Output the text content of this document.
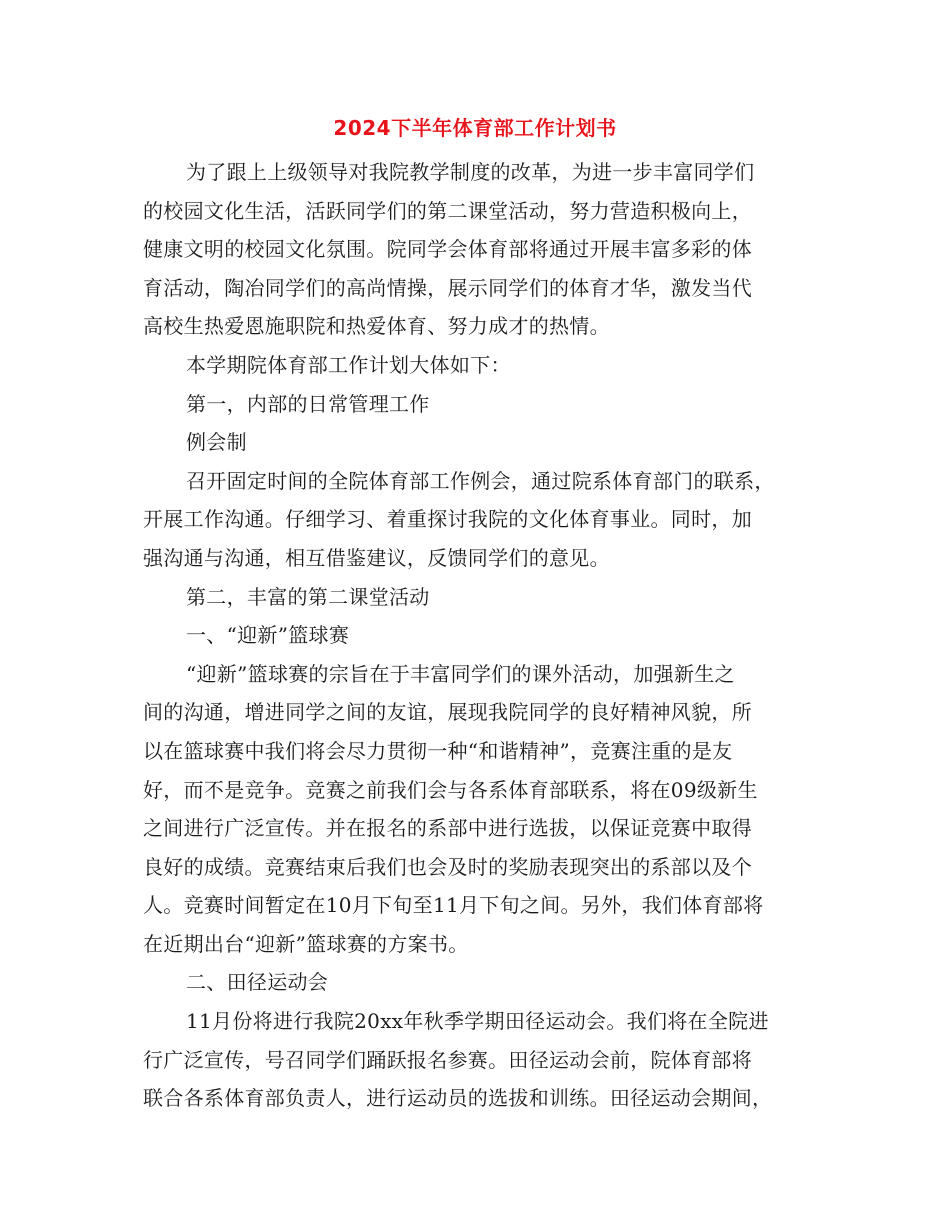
2024下半年体育部工作计划书
为了跟上上级领导对我院教学制度的改革，为进一步丰富同学们
的校园文化生活，活跃同学们的第二课堂活动，努力营造积极向上，
健康文明的校园文化氛围。院同学会体育部将通过开展丰富多彩的体
育活动，陶冶同学们的高尚情操，展示同学们的体育才华，激发当代
高校生热爱恩施职院和热爱体育、努力成才的热情。
本学期院体育部工作计划大体如下：
第一，内部的日常管理工作
例会制
召开固定时间的全院体育部工作例会，通过院系体育部门的联系，
开展工作沟通。仔细学习、着重探讨我院的文化体育事业。同时，加
强沟通与沟通，相互借鉴建议，反馈同学们的意见。
第二，丰富的第二课堂活动
一、“迎新”篮球赛
“迎新”篮球赛的宗旨在于丰富同学们的课外活动，加强新生之
间的沟通，增进同学之间的友谊，展现我院同学的良好精神风貌，所
以在篮球赛中我们将会尽力贯彻一种“和谐精神”，竞赛注重的是友
好，而不是竞争。竞赛之前我们会与各系体育部联系，将在09级新生
之间进行广泛宣传。并在报名的系部中进行选拔，以保证竞赛中取得
良好的成绩。竞赛结束后我们也会及时的奖励表现突出的系部以及个
人。竞赛时间暂定在10月下旬至11月下旬之间。另外，我们体育部将
在近期出台“迎新”篮球赛的方案书。
二、田径运动会
11月份将进行我院20xx年秋季学期田径运动会。我们将在全院进
行广泛宣传，号召同学们踊跃报名参赛。田径运动会前，院体育部将
联合各系体育部负责人，进行运动员的选拔和训练。田径运动会期间，
